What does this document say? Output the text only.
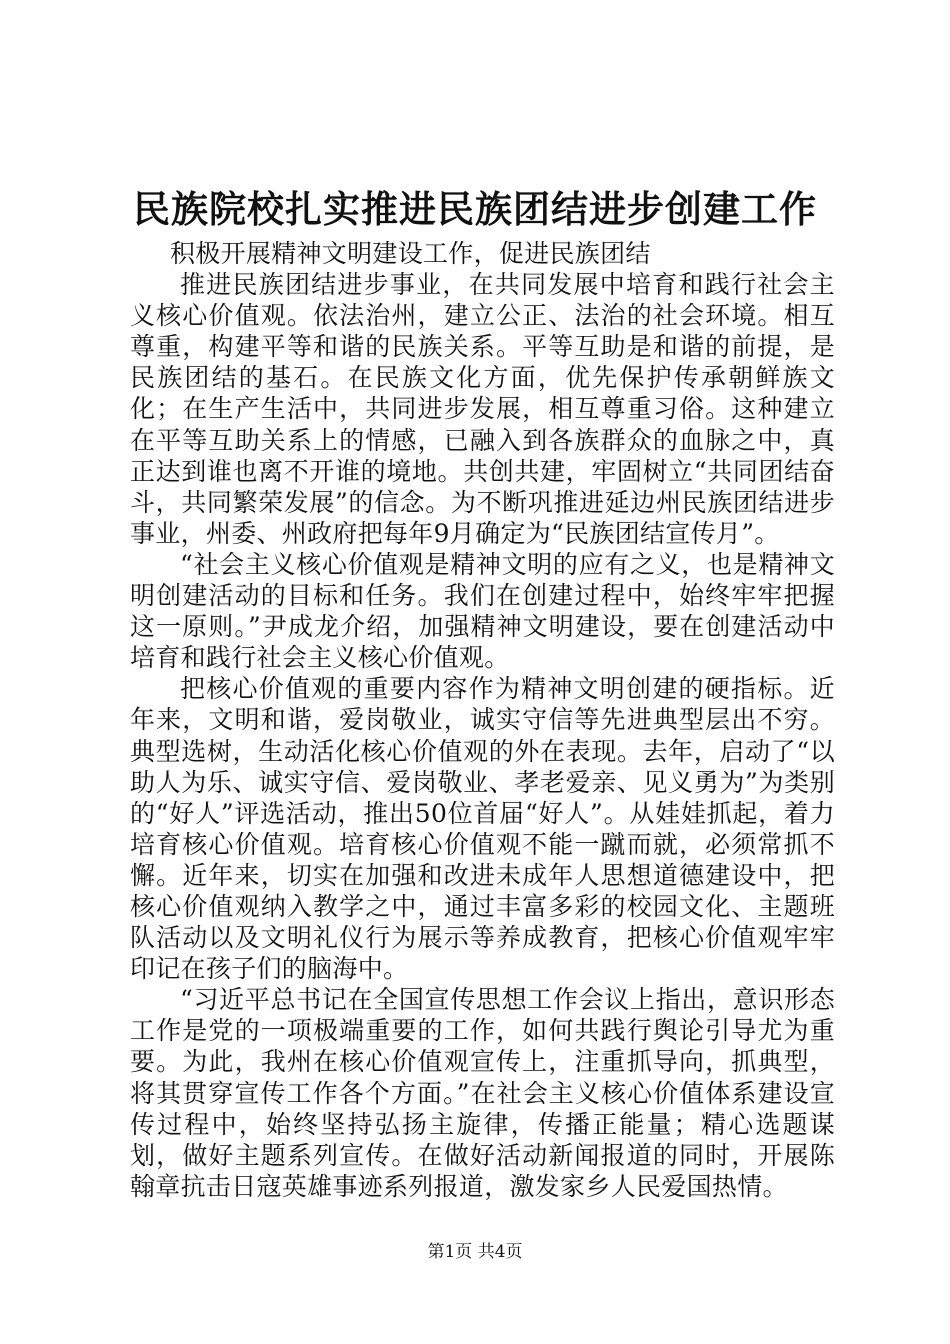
民族院校扎实推进民族团结进步创建工作

积极开展精神文明建设工作，促进民族团结

推进民族团结进步事业，在共同发展中培育和践行社会主义核心价值观。依法治州，建立公正、法治的社会环境。相互尊重，构建平等和谐的民族关系。平等互助是和谐的前提，是民族团结的基石。在民族文化方面，优先保护传承朝鲜族文化；在生产生活中，共同进步发展，相互尊重习俗。这种建立在平等互助关系上的情感，已融入到各族群众的血脉之中，真正达到谁也离不开谁的境地。共创共建，牢固树立“共同团结奋斗，共同繁荣发展”的信念。为不断巩推进延边州民族团结进步事业，州委、州政府把每年9月确定为“民族团结宣传月”。

“社会主义核心价值观是精神文明的应有之义，也是精神文明创建活动的目标和任务。我们在创建过程中，始终牢牢把握这一原则。”尹成龙介绍，加强精神文明建设，要在创建活动中培育和践行社会主义核心价值观。

把核心价值观的重要内容作为精神文明创建的硬指标。近年来，文明和谐，爱岗敬业，诚实守信等先进典型层出不穷。典型选树，生动活化核心价值观的外在表现。去年，启动了“以助人为乐、诚实守信、爱岗敬业、孝老爱亲、见义勇为”为类别的“好人”评选活动，推出50位首届“好人”。从娃娃抓起，着力培育核心价值观。培育核心价值观不能一蹴而就，必须常抓不懈。近年来，切实在加强和改进未成年人思想道德建设中，把核心价值观纳入教学之中，通过丰富多彩的校园文化、主题班队活动以及文明礼仪行为展示等养成教育，把核心价值观牢牢印记在孩子们的脑海中。

“习近平总书记在全国宣传思想工作会议上指出，意识形态工作是党的一项极端重要的工作，如何共践行舆论引导尤为重要。为此，我州在核心价值观宣传上，注重抓导向，抓典型，将其贯穿宣传工作各个方面。”在社会主义核心价值体系建设宣传过程中，始终坚持弘扬主旋律，传播正能量；精心选题谋划，做好主题系列宣传。在做好活动新闻报道的同时，开展陈翰章抗击日寇英雄事迹系列报道，激发家乡人民爱国热情。

第1页 共4页
